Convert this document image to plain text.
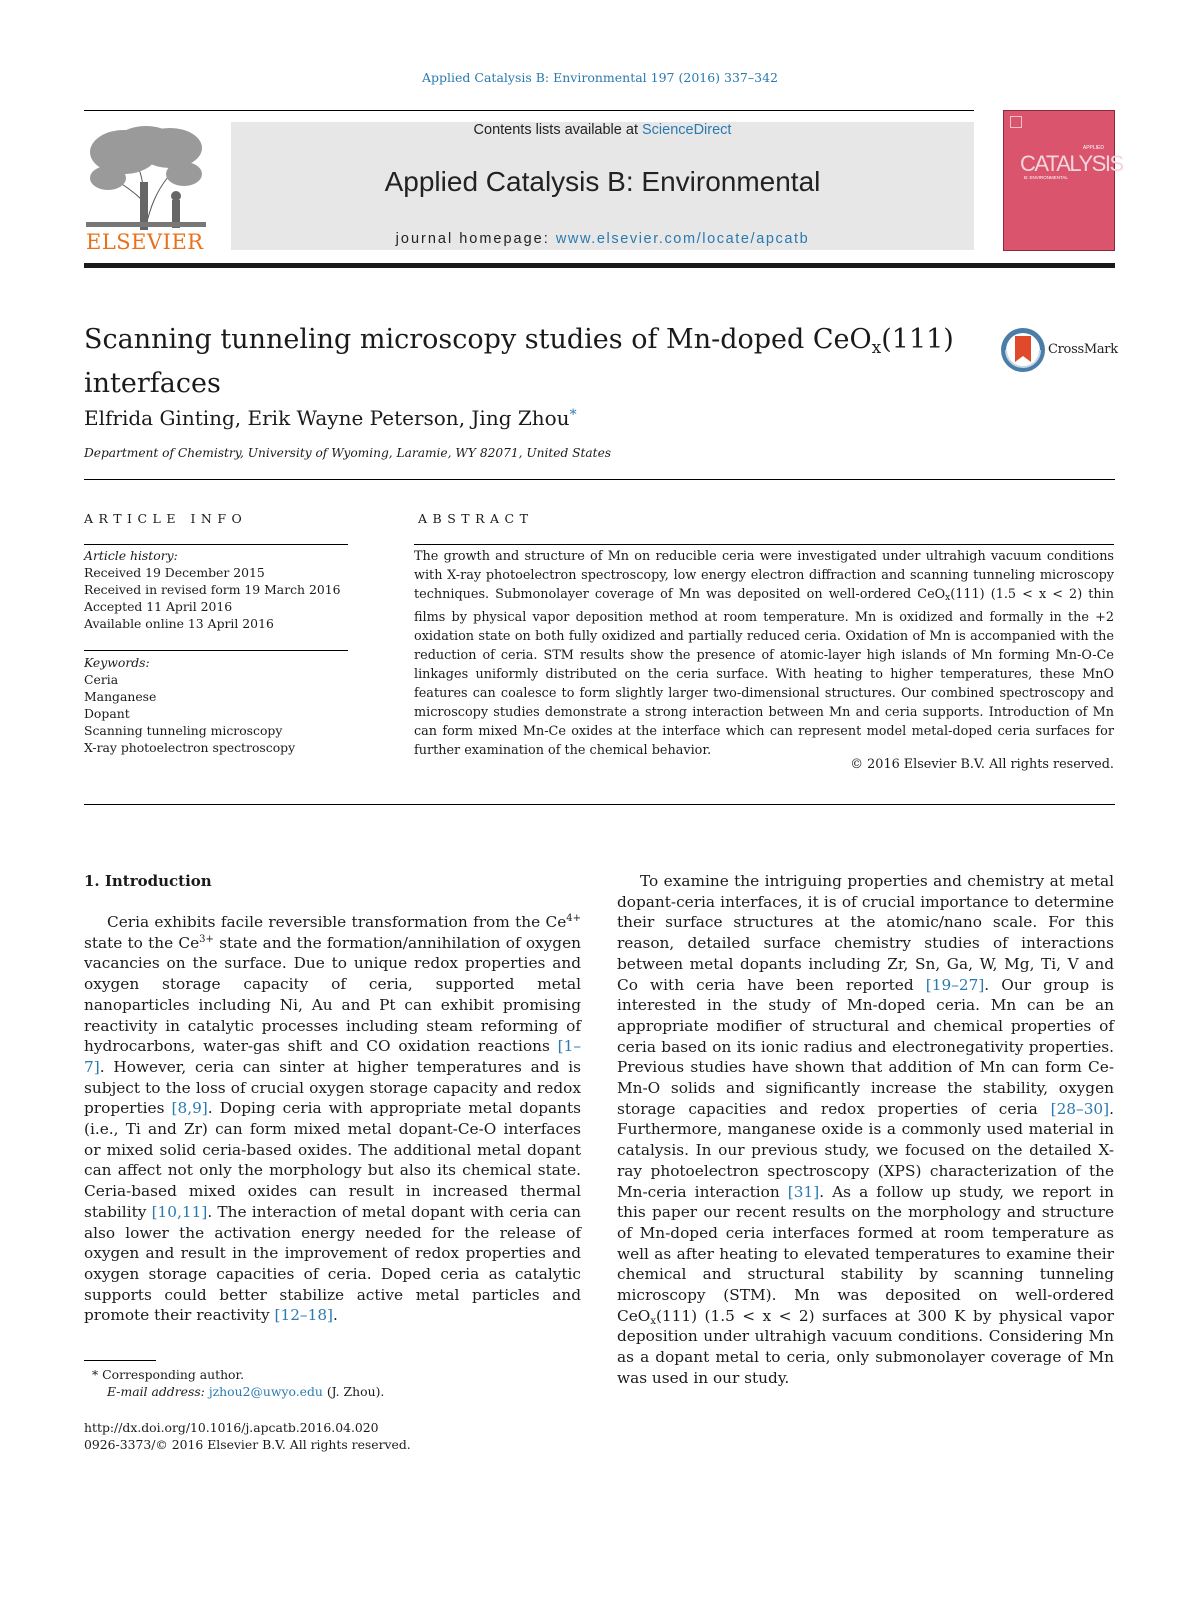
Applied Catalysis B: Environmental 197 (2016) 337–342
ELSEVIER
Contents lists available at ScienceDirect
Applied Catalysis B: Environmental
journal homepage: www.elsevier.com/locate/apcatb
APPLIED
CATALYSIS
B: ENVIRONMENTAL
Scanning tunneling microscopy studies of Mn-doped CeO$_x$(111)
interfaces
CrossMark
Elfrida Ginting, Erik Wayne Peterson, Jing Zhou*
Department of Chemistry, University of Wyoming, Laramie, WY 82071, United States
ARTICLE INFO
Article history:
Received 19 December 2015
Received in revised form 19 March 2016
Accepted 11 April 2016
Available online 13 April 2016
Keywords:
Ceria
Manganese
Dopant
Scanning tunneling microscopy
X-ray photoelectron spectroscopy
ABSTRACT
The growth and structure of Mn on reducible ceria were investigated under ultrahigh vacuum conditions with X-ray photoelectron spectroscopy, low energy electron diffraction and scanning tunneling microscopy techniques. Submonolayer coverage of Mn was deposited on well-ordered CeO$_x$(111) (1.5 < x < 2) thin films by physical vapor deposition method at room temperature. Mn is oxidized and formally in the +2 oxidation state on both fully oxidized and partially reduced ceria. Oxidation of Mn is accompanied with the reduction of ceria. STM results show the presence of atomic-layer high islands of Mn forming Mn-O-Ce linkages uniformly distributed on the ceria surface. With heating to higher temperatures, these MnO features can coalesce to form slightly larger two-dimensional structures. Our combined spectroscopy and microscopy studies demonstrate a strong interaction between Mn and ceria supports. Introduction of Mn can form mixed Mn-Ce oxides at the interface which can represent model metal-doped ceria surfaces for further examination of the chemical behavior.
© 2016 Elsevier B.V. All rights reserved.
1. Introduction

Ceria exhibits facile reversible transformation from the $Ce^{4+}$ state to the $Ce^{3+}$ state and the formation/annihilation of oxygen vacancies on the surface. Due to unique redox properties and oxygen storage capacity of ceria, supported metal nanoparticles including Ni, Au and Pt can exhibit promising reactivity in catalytic processes including steam reforming of hydrocarbons, water-gas shift and CO oxidation reactions [1–7]. However, ceria can sinter at higher temperatures and is subject to the loss of crucial oxygen storage capacity and redox properties [8,9]. Doping ceria with appropriate metal dopants (i.e., Ti and Zr) can form mixed metal dopant-Ce-O interfaces or mixed solid ceria-based oxides. The additional metal dopant can affect not only the morphology but also its chemical state. Ceria-based mixed oxides can result in increased thermal stability [10,11]. The interaction of metal dopant with ceria can also lower the activation energy needed for the release of oxygen and result in the improvement of redox properties and oxygen storage capacities of ceria. Doped ceria as catalytic supports could better stabilize active metal particles and promote their reactivity [12–18].

To examine the intriguing properties and chemistry at metal dopant-ceria interfaces, it is of crucial importance to determine their surface structures at the atomic/nano scale. For this reason, detailed surface chemistry studies of interactions between metal dopants including Zr, Sn, Ga, W, Mg, Ti, V and Co with ceria have been reported [19–27]. Our group is interested in the study of Mn-doped ceria. Mn can be an appropriate modifier of structural and chemical properties of ceria based on its ionic radius and electronegativity properties. Previous studies have shown that addition of Mn can form Ce-Mn-O solids and significantly increase the stability, oxygen storage capacities and redox properties of ceria [28–30]. Furthermore, manganese oxide is a commonly used material in catalysis. In our previous study, we focused on the detailed X-ray photoelectron spectroscopy (XPS) characterization of the Mn-ceria interaction [31]. As a follow up study, we report in this paper our recent results on the morphology and structure of Mn-doped ceria interfaces formed at room temperature as well as after heating to elevated temperatures to examine their chemical and structural stability by scanning tunneling microscopy (STM). Mn was deposited on well-ordered CeO$_x$(111) (1.5 < x < 2) surfaces at 300 K by physical vapor deposition under ultrahigh vacuum conditions. Considering Mn as a dopant metal to ceria, only submonolayer coverage of Mn was used in our study.

* Corresponding author.
E-mail address: jzhou2@uwyo.edu (J. Zhou).
http://dx.doi.org/10.1016/j.apcatb.2016.04.020
0926-3373/© 2016 Elsevier B.V. All rights reserved.
